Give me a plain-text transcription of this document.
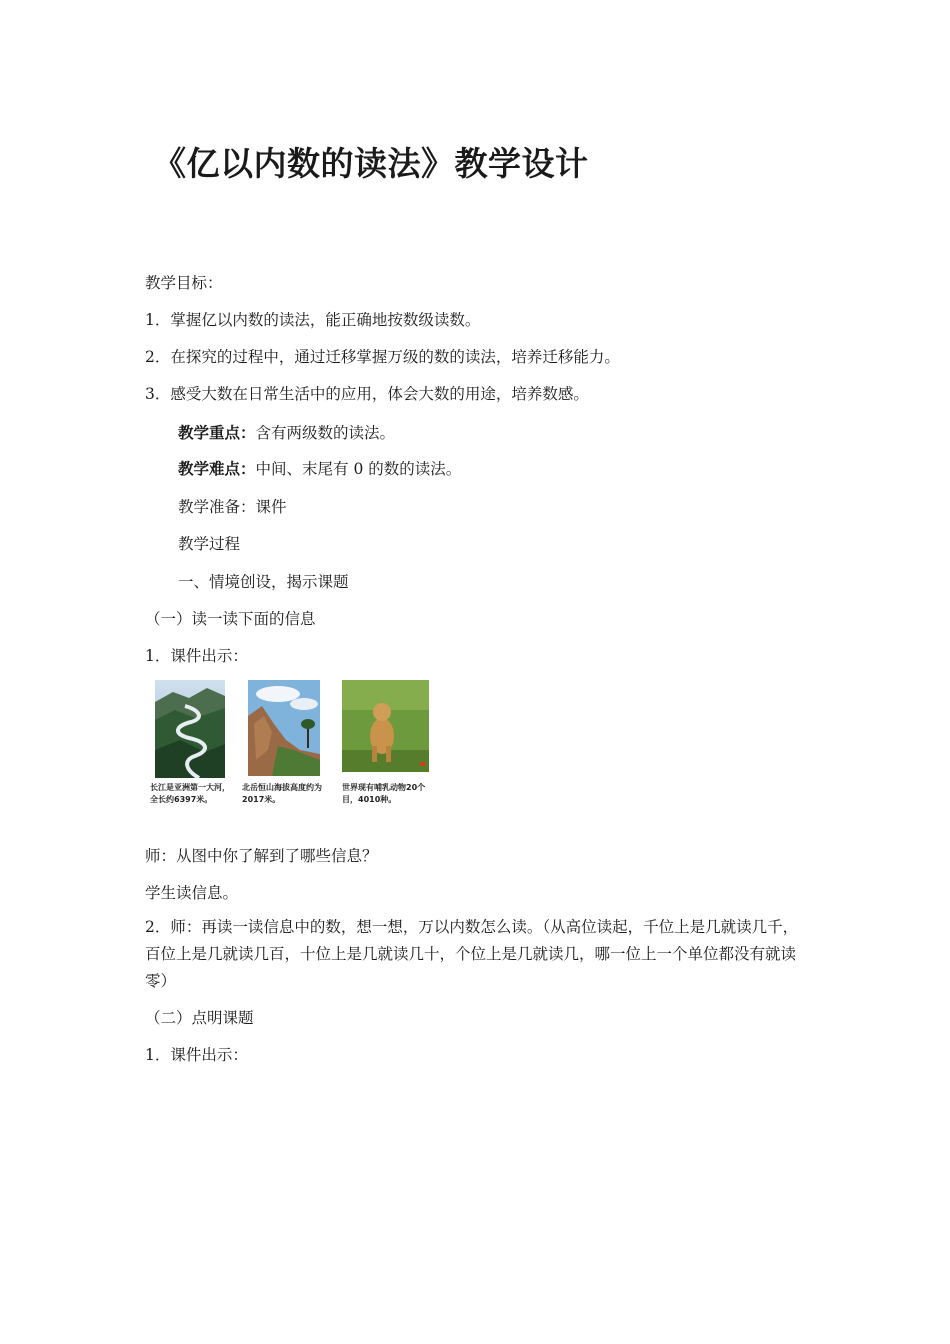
《亿以内数的读法》教学设计

教学目标：

1．掌握亿以内数的读法，能正确地按数级读数。

2．在探究的过程中，通过迁移掌握万级的数的读法，培养迁移能力。

3．感受大数在日常生活中的应用，体会大数的用途，培养数感。

教学重点：含有两级数的读法。

教学难点：中间、末尾有 0 的数的读法。

教学准备：课件

教学过程

一、情境创设，揭示课题

（一）读一读下面的信息

1．课件出示：

长江是亚洲第一大河，全长约6397米。
北岳恒山海拔高度约为2017米。
世界现有哺乳动物20个目，4010种。

师：从图中你了解到了哪些信息？

学生读信息。

2．师：再读一读信息中的数，想一想，万以内数怎么读。（从高位读起，千位上是几就读几千，百位上是几就读几百，十位上是几就读几十，个位上是几就读几，哪一位上一个单位都没有就读零）

（二）点明课题

1．课件出示：
